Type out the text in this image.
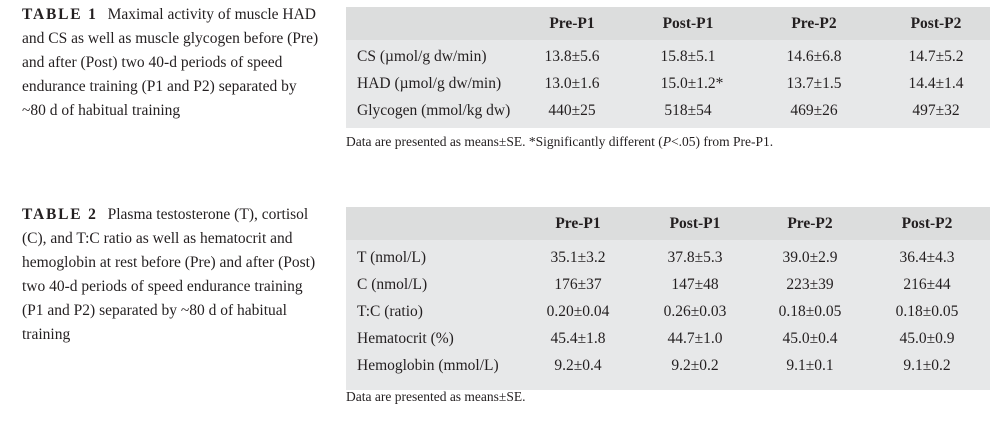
TABLE 1 Maximal activity of muscle HAD and CS as well as muscle glycogen before (Pre) and after (Post) two 40-d periods of speed endurance training (P1 and P2) separated by ~80 d of habitual training
Pre-P1	Post-P1	Pre-P2	Post-P2
CS (µmol/g dw/min)	13.8±5.6	15.8±5.1	14.6±6.8	14.7±5.2
HAD (µmol/g dw/min)	13.0±1.6	15.0±1.2*	13.7±1.5	14.4±1.4
Glycogen (mmol/kg dw)	440±25	518±54	469±26	497±32
Data are presented as means±SE. *Significantly different (P<.05) from Pre-P1.
TABLE 2 Plasma testosterone (T), cortisol (C), and T:C ratio as well as hematocrit and hemoglobin at rest before (Pre) and after (Post) two 40-d periods of speed endurance training (P1 and P2) separated by ~80 d of habitual training
Pre-P1	Post-P1	Pre-P2	Post-P2
T (nmol/L)	35.1±3.2	37.8±5.3	39.0±2.9	36.4±4.3
C (nmol/L)	176±37	147±48	223±39	216±44
T:C (ratio)	0.20±0.04	0.26±0.03	0.18±0.05	0.18±0.05
Hematocrit (%)	45.4±1.8	44.7±1.0	45.0±0.4	45.0±0.9
Hemoglobin (mmol/L)	9.2±0.4	9.2±0.2	9.1±0.1	9.1±0.2
Data are presented as means±SE.
